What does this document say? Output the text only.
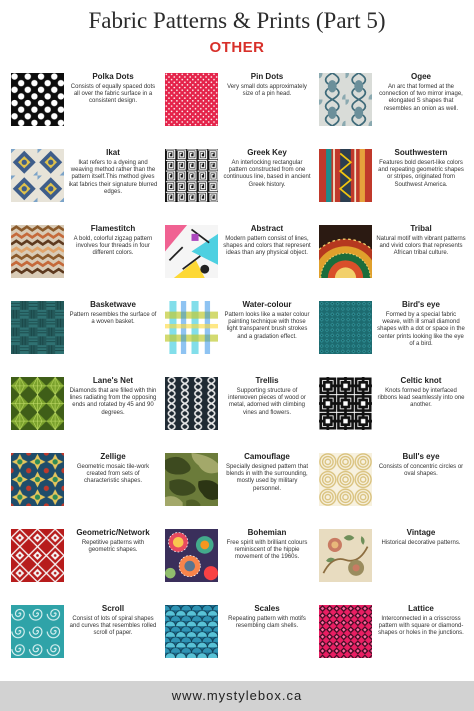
Fabric Patterns & Prints (Part 5)
OTHER
Polka Dots
Consists of equally spaced dots all over the fabric surface in a consistent design.
Pin Dots
Very small dots approximately size of a pin head.
Ogee
An arc that formed at the connection of two mirror image, elongated S shapes that resembles an onion as well.
Ikat
Ikat refers to a dyeing and weaving method rather than the pattern itself.This method gives ikat fabrics their signature blurred edges.
Greek Key
An interlocking rectangular pattern constructed from one continuous line, based in ancient Greek history.
Southwestern
Features bold desert-like colors and repeating geometric shapes or stripes, originated from Southwest America.
Flamestitch
A bold, colorful zigzag pattern involves four threads in four different colors.
Abstract
Modern pattern consist of lines, shapes and colors that represent ideas than any physical object.
Tribal
Natural motif with vibrant patterns and vivid colors that represents African tribal culture.
Basketwave
Pattern resembles the surface of a woven basket.
Water-colour
Pattern looks like a water colour painting technique with those light transparent brush strokes and a gradation effect.
Bird's eye
Formed by a special fabric weave, with ill small diamond shapes with a dot or space in the center prints looking like the eye of a bird.
Lane's Net
Diamonds that are filled with thin lines radiating from the opposing ends and rotated by 45 and 90 degrees.
Trellis
Supporting structure of interwoven pieces of wood or metal, adorned with climbing vines and flowers.
Celtic knot
Knots formed by interfaced ribbons lead seamlessly into one another.
Zellige
Geometric mosaic tile-work created from sets of characteristic shapes.
Camouflage
Specially designed pattern that blends in with the surrounding, mostly used by military personnel.
Bull's eye
Consists of concentric circles or oval shapes.
Geometric/Network
Repetitive patterns with geometric shapes.
Bohemian
Free spirit with brilliant colours reminiscent of the hippie movement of the 1960s.
Vintage
Historical decorative patterns.
Scroll
Consist of lots of spiral shapes and curves that resembles rolled scroll of paper.
Scales
Repeating pattern with motifs resembling clam shells.
Lattice
Interconnected in a crisscross pattern with square or diamond-shapes or holes in the junctions.
www.mystylebox.ca
